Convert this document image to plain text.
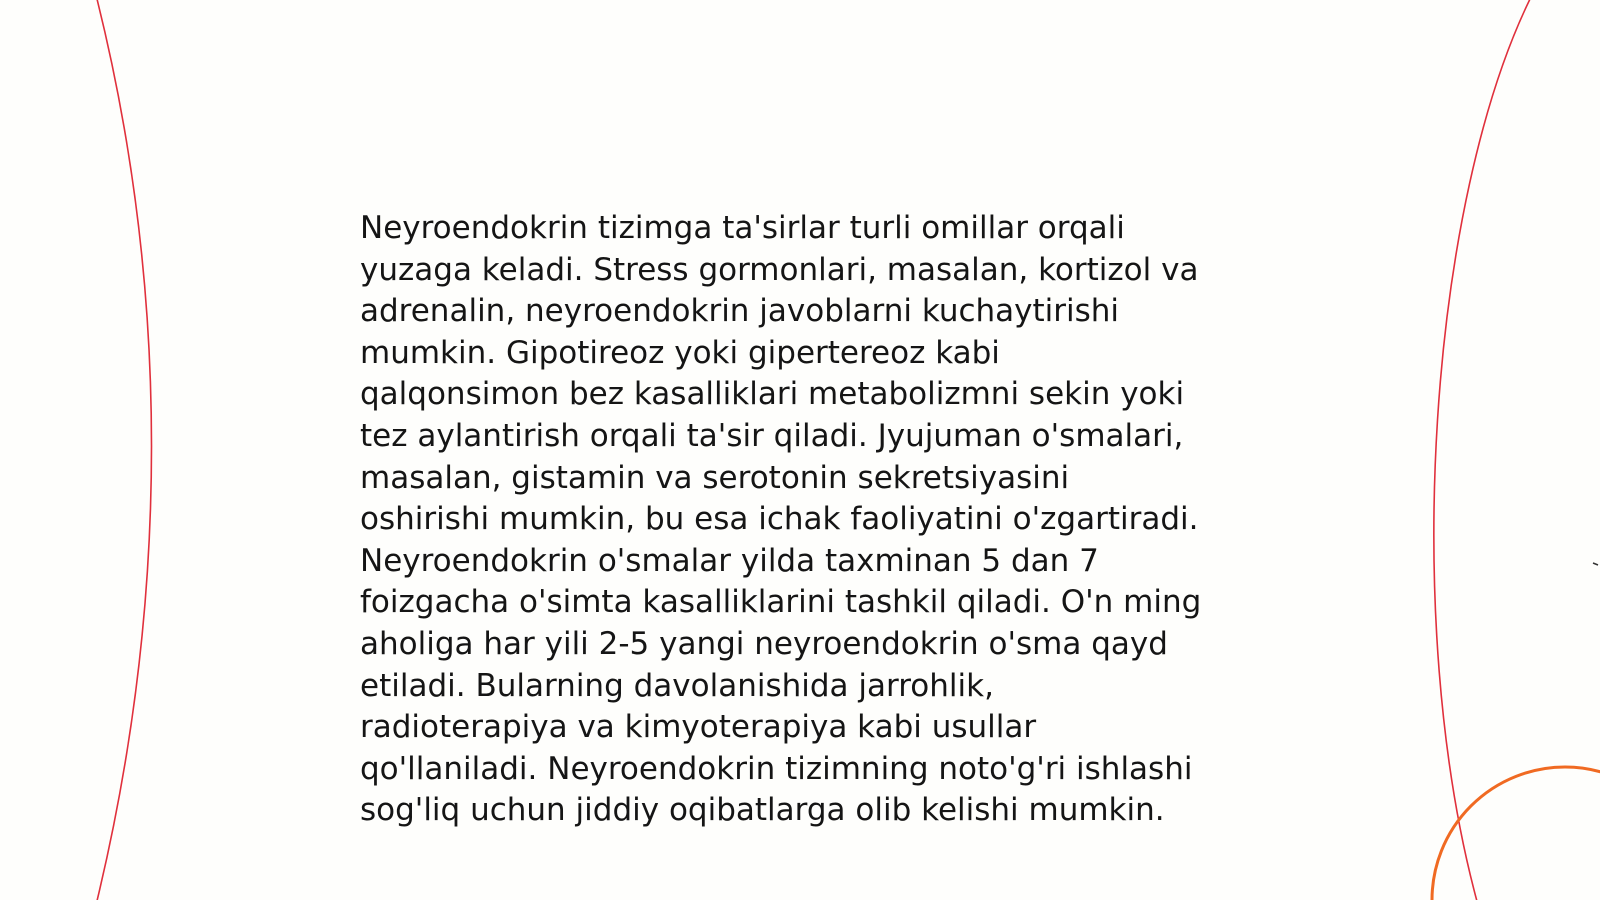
Neyroendokrin tizimga ta'sirlar turli omillar orqali
yuzaga keladi. Stress gormonlari, masalan, kortizol va
adrenalin, neyroendokrin javoblarni kuchaytirishi
mumkin. Gipotireoz yoki gipertereoz kabi
qalqonsimon bez kasalliklari metabolizmni sekin yoki
tez aylantirish orqali ta'sir qiladi. Jyujuman o'smalari,
masalan, gistamin va serotonin sekretsiyasini
oshirishi mumkin, bu esa ichak faoliyatini o'zgartiradi.
Neyroendokrin o'smalar yilda taxminan 5 dan 7
foizgacha o'simta kasalliklarini tashkil qiladi. O'n ming
aholiga har yili 2-5 yangi neyroendokrin o'sma qayd
etiladi. Bularning davolanishida jarrohlik,
radioterapiya va kimyoterapiya kabi usullar
qo'llaniladi. Neyroendokrin tizimning noto'g'ri ishlashi
sog'liq uchun jiddiy oqibatlarga olib kelishi mumkin.
